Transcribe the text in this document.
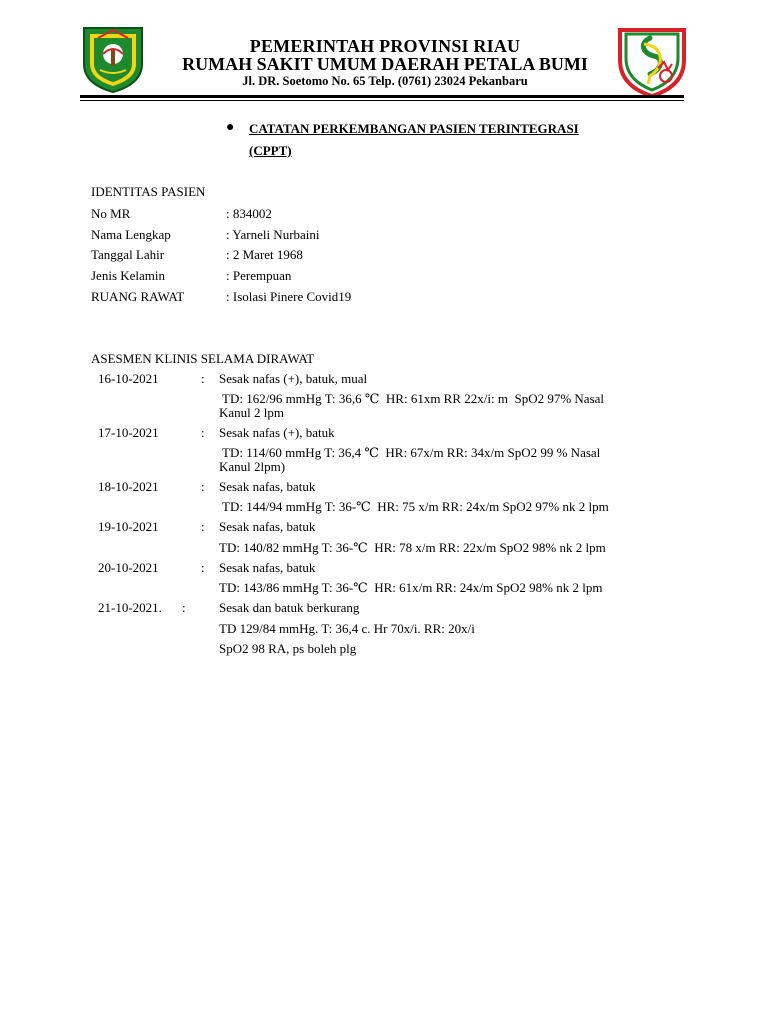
PEMERINTAH PROVINSI RIAU
RUMAH SAKIT UMUM DAERAH PETALA BUMI
Jl. DR. Soetomo No. 65 Telp. (0761) 23024 Pekanbaru
● CATATAN PERKEMBANGAN PASIEN TERINTEGRASI
(CPPT)
IDENTITAS PASIEN
No MR	: 834002
Nama Lengkap	: Yarneli Nurbaini
Tanggal Lahir	: 2 Maret 1968
Jenis Kelamin	: Perempuan
RUANG RAWAT	: Isolasi Pinere Covid19
ASESMEN KLINIS SELAMA DIRAWAT
16-10-2021	: Sesak nafas (+), batuk, mual
TD: 162/96 mmHg T: 36,6 ℃  HR: 61xm RR 22x/i: m  SpO2 97% Nasal
Kanul 2 lpm
17-10-2021	: Sesak nafas (+), batuk
TD: 114/60 mmHg T: 36,4 ℃  HR: 67x/m RR: 34x/m SpO2 99 % Nasal
Kanul 2lpm)
18-10-2021	: Sesak nafas, batuk
TD: 144/94 mmHg T: 36-℃  HR: 75 x/m RR: 24x/m SpO2 97% nk 2 lpm
19-10-2021	: Sesak nafas, batuk
TD: 140/82 mmHg T: 36-℃  HR: 78 x/m RR: 22x/m SpO2 98% nk 2 lpm
20-10-2021	: Sesak nafas, batuk
TD: 143/86 mmHg T: 36-℃  HR: 61x/m RR: 24x/m SpO2 98% nk 2 lpm
21-10-2021. :	Sesak dan batuk berkurang
TD 129/84 mmHg. T: 36,4 c. Hr 70x/i. RR: 20x/i
SpO2 98 RA, ps boleh plg
